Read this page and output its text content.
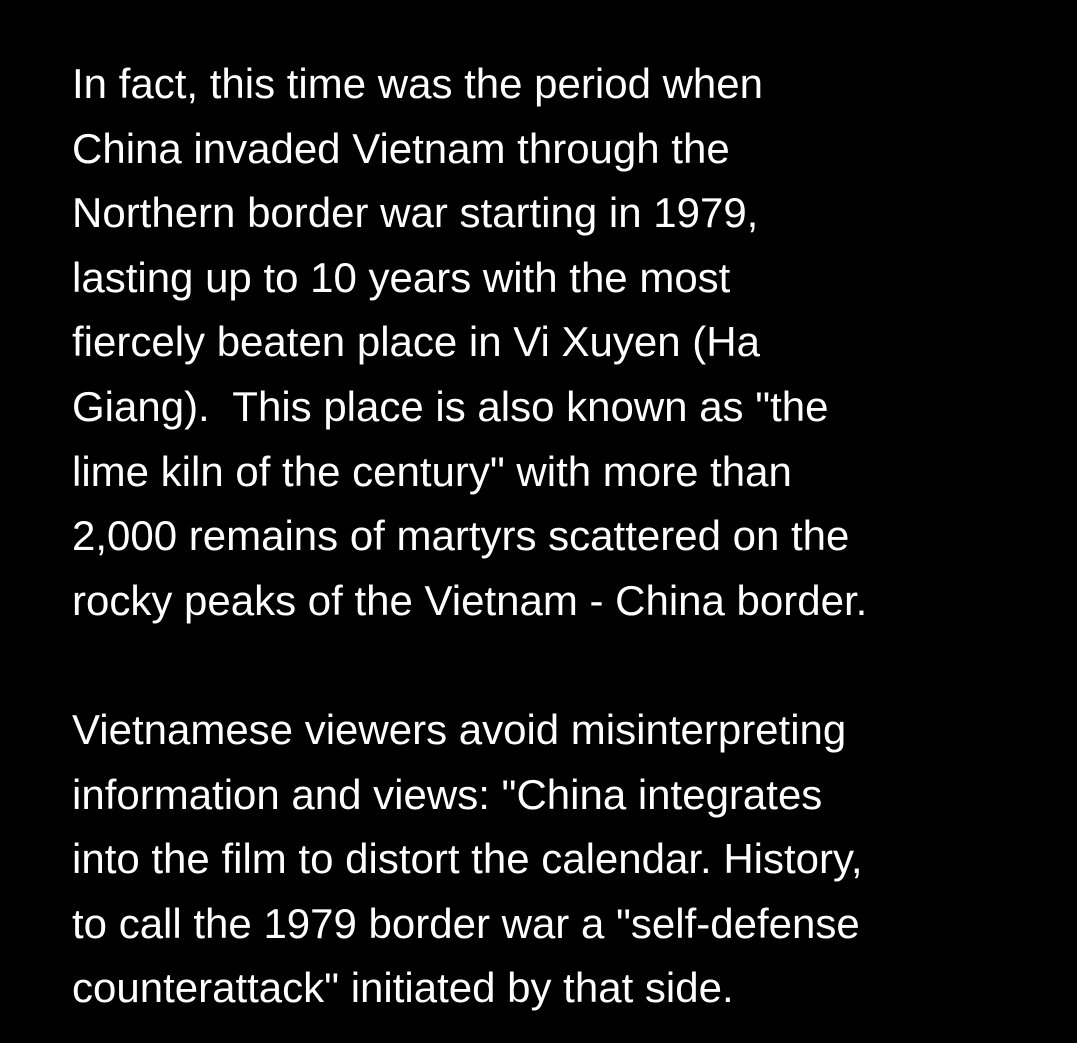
In fact, this time was the period when
China invaded Vietnam through the
Northern border war starting in 1979,
lasting up to 10 years with the most
fiercely beaten place in Vi Xuyen (Ha
Giang).  This place is also known as "the
lime kiln of the century" with more than
2,000 remains of martyrs scattered on the
rocky peaks of the Vietnam - China border.
Vietnamese viewers avoid misinterpreting
information and views: "China integrates
into the film to distort the calendar. History,
to call the 1979 border war a "self-defense
counterattack" initiated by that side.
